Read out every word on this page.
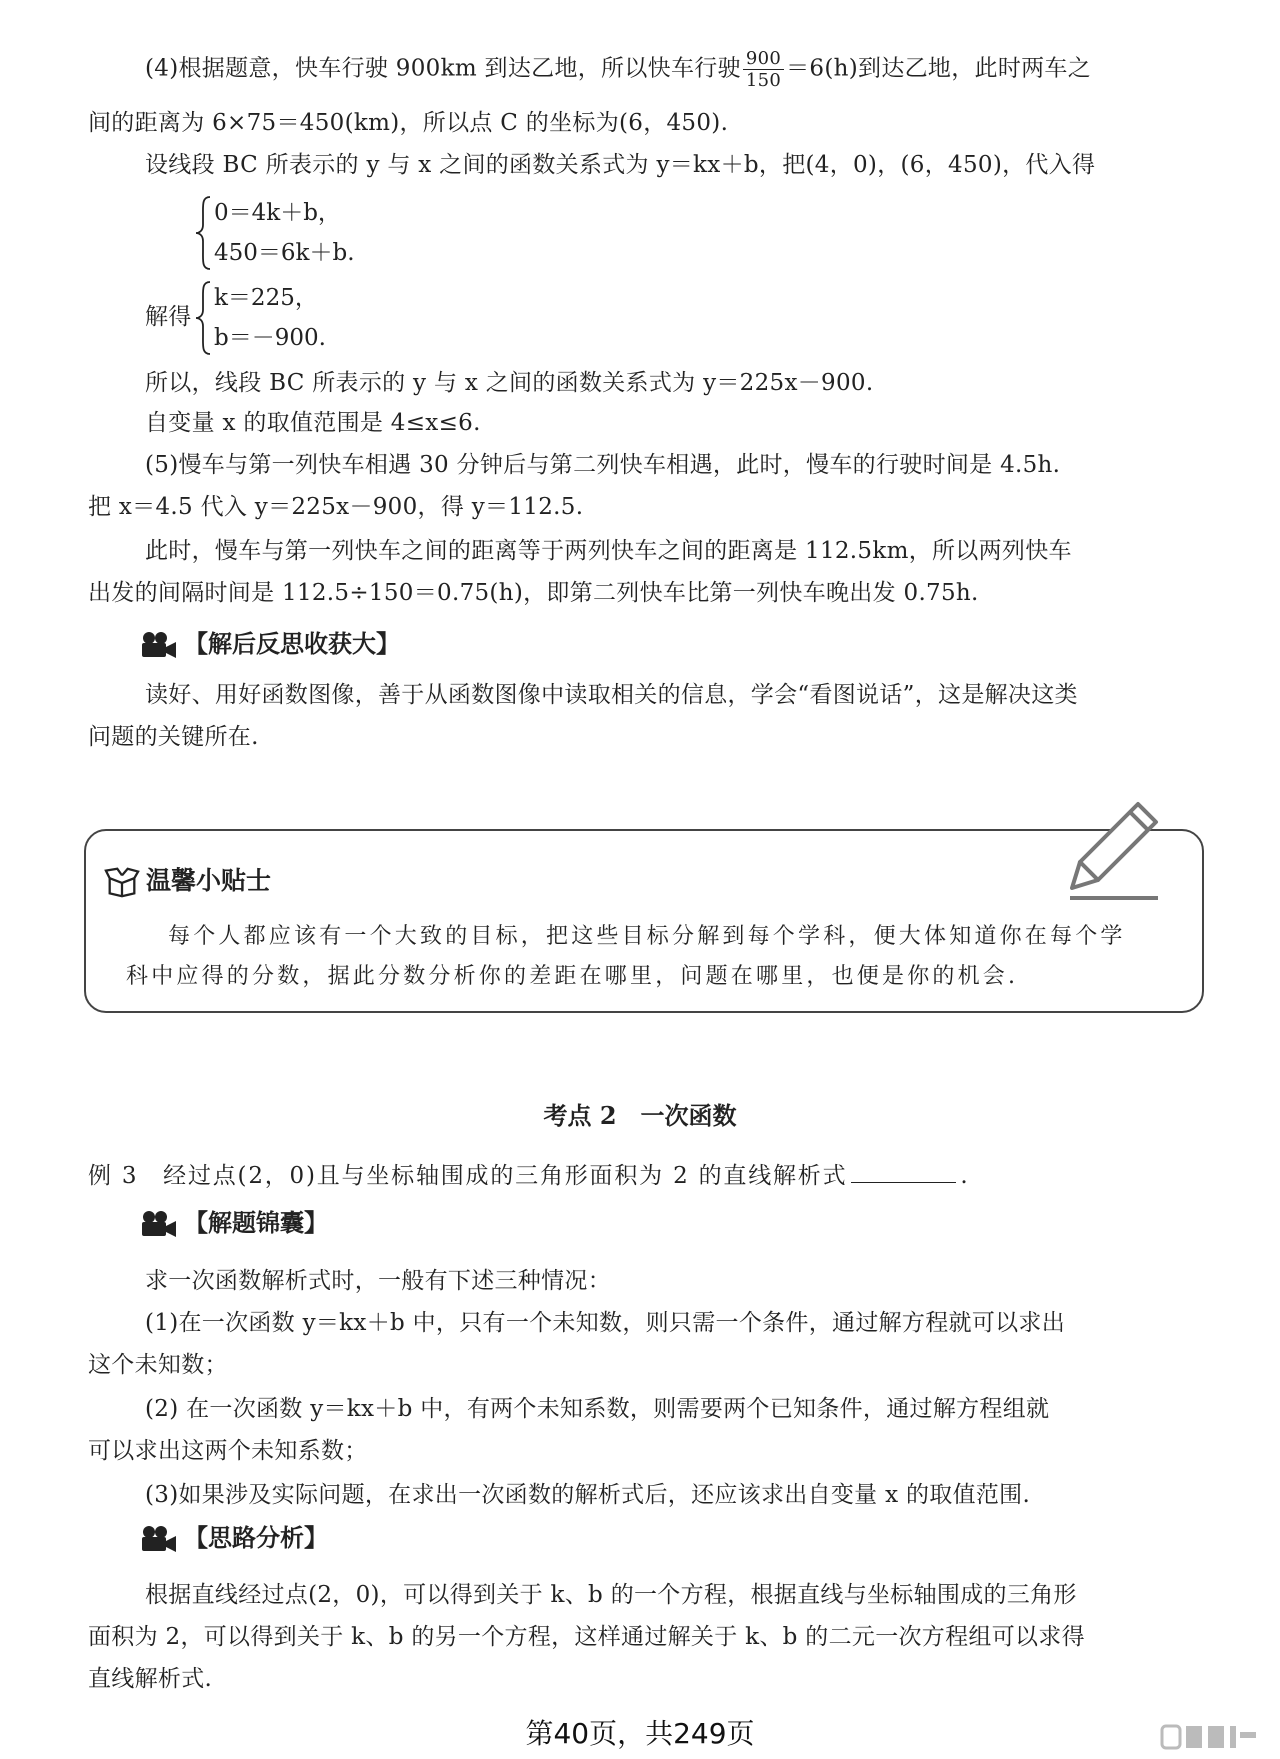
(4)根据题意，快车行驶 900km 到达乙地，所以快车行驶 $\frac{900}{150} =6(h)$到达乙地，此时两车之
间的距离为 6×75＝450(km)，所以点 C 的坐标为(6，450).
设线段 BC 所表示的 y 与 x 之间的函数关系式为 y＝kx＋b，把(4，0)，(6，450)，代入得
0＝4k＋b，
450＝6k＋b.
解得
k＝225，
b＝－900.
所以，线段 BC 所表示的 y 与 x 之间的函数关系式为 y＝225x－900.
自变量 x 的取值范围是 4≤x≤6.
(5)慢车与第一列快车相遇 30 分钟后与第二列快车相遇，此时，慢车的行驶时间是 4.5h.
把 x＝4.5 代入 y＝225x－900，得 y＝112.5.
此时，慢车与第一列快车之间的距离等于两列快车之间的距离是 112.5km，所以两列快车
出发的间隔时间是 112.5÷150＝0.75(h)，即第二列快车比第一列快车晚出发 0.75h.
【解后反思收获大】
读好、用好函数图像，善于从函数图像中读取相关的信息，学会“看图说话”，这是解决这类
问题的关键所在.
温馨小贴士
每个人都应该有一个大致的目标，把这些目标分解到每个学科，便大体知道你在每个学
科中应得的分数，据此分数分析你的差距在哪里，问题在哪里，也便是你的机会.
考点 2　一次函数
例 3　经过点(2，0)且与坐标轴围成的三角形面积为 2 的直线解析式	.
【解题锦囊】
求一次函数解析式时，一般有下述三种情况：
(1)在一次函数 y＝kx＋b 中，只有一个未知数，则只需一个条件，通过解方程就可以求出
这个未知数；
(2) 在一次函数 y＝kx＋b 中，有两个未知系数，则需要两个已知条件，通过解方程组就
可以求出这两个未知系数；
(3)如果涉及实际问题，在求出一次函数的解析式后，还应该求出自变量 x 的取值范围.
【思路分析】
根据直线经过点(2，0)，可以得到关于 k、b 的一个方程，根据直线与坐标轴围成的三角形
面积为 2，可以得到关于 k、b 的另一个方程，这样通过解关于 k、b 的二元一次方程组可以求得
直线解析式.
第40页，共249页
